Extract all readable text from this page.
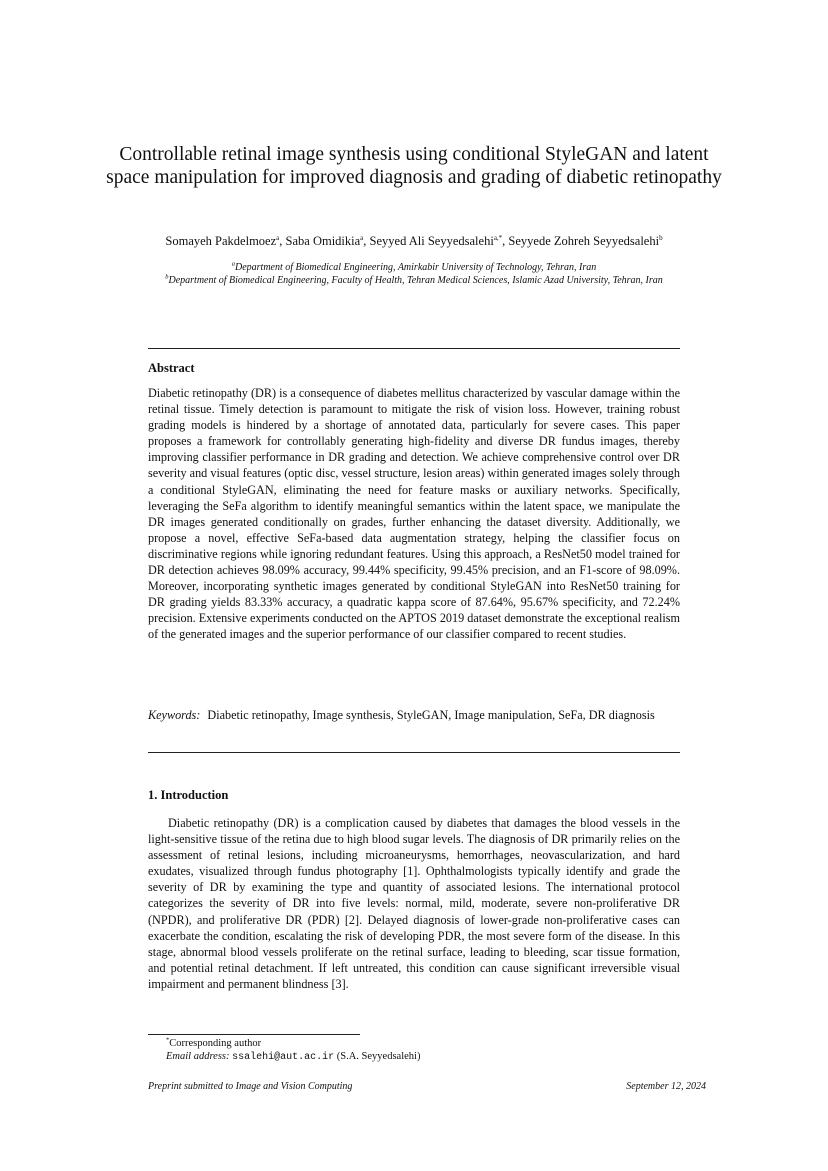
Controllable retinal image synthesis using conditional StyleGAN and latent space manipulation for improved diagnosis and grading of diabetic retinopathy
Somayeh Pakdelmoez$^a$, Saba Omidikia$^a$, Seyyed Ali Seyyedsalehi$^{a,*}$, Seyyede Zohreh Seyyedsalehi$^b$
$^a$Department of Biomedical Engineering, Amirkabir University of Technology, Tehran, Iran
$^b$Department of Biomedical Engineering, Faculty of Health, Tehran Medical Sciences, Islamic Azad University, Tehran, Iran
Abstract

Diabetic retinopathy (DR) is a consequence of diabetes mellitus characterized by vascular damage within the retinal tissue. Timely detection is paramount to mitigate the risk of vision loss. However, training robust grading models is hindered by a shortage of annotated data, particularly for severe cases. This paper proposes a framework for controllably generating high-fidelity and diverse DR fundus images, thereby improving classifier performance in DR grading and detection. We achieve comprehensive control over DR severity and visual features (optic disc, vessel structure, lesion areas) within generated images solely through a conditional StyleGAN, eliminating the need for feature masks or auxiliary networks. Specifically, leveraging the SeFa algorithm to identify meaningful semantics within the latent space, we manipulate the DR images generated conditionally on grades, further enhancing the dataset diversity. Additionally, we propose a novel, effective SeFa-based data augmentation strategy, helping the classifier focus on discriminative regions while ignoring redundant features. Using this approach, a ResNet50 model trained for DR detection achieves 98.09% accuracy, 99.44% specificity, 99.45% precision, and an F1-score of 98.09%. Moreover, incorporating synthetic images generated by conditional StyleGAN into ResNet50 training for DR grading yields 83.33% accuracy, a quadratic kappa score of 87.64%, 95.67% specificity, and 72.24% precision. Extensive experiments conducted on the APTOS 2019 dataset demonstrate the exceptional realism of the generated images and the superior performance of our classifier compared to recent studies.

Keywords: Diabetic retinopathy, Image synthesis, StyleGAN, Image manipulation, SeFa, DR diagnosis

1. Introduction

Diabetic retinopathy (DR) is a complication caused by diabetes that damages the blood vessels in the light-sensitive tissue of the retina due to high blood sugar levels. The diagnosis of DR primarily relies on the assessment of retinal lesions, including microaneurysms, hemorrhages, neovascularization, and hard exudates, visualized through fundus photography [1]. Ophthalmologists typically identify and grade the severity of DR by examining the type and quantity of associated lesions. The international protocol categorizes the severity of DR into five levels: normal, mild, moderate, severe non-proliferative DR (NPDR), and proliferative DR (PDR) [2]. Delayed diagnosis of lower-grade non-proliferative cases can exacerbate the condition, escalating the risk of developing PDR, the most severe form of the disease. In this stage, abnormal blood vessels proliferate on the retinal surface, leading to bleeding, scar tissue formation, and potential retinal detachment. If left untreated, this condition can cause significant irreversible visual impairment and permanent blindness [3].

*Corresponding author
Email address: ssalehi@aut.ac.ir (S.A. Seyyedsalehi)
Preprint submitted to Image and Vision Computing	September 12, 2024
